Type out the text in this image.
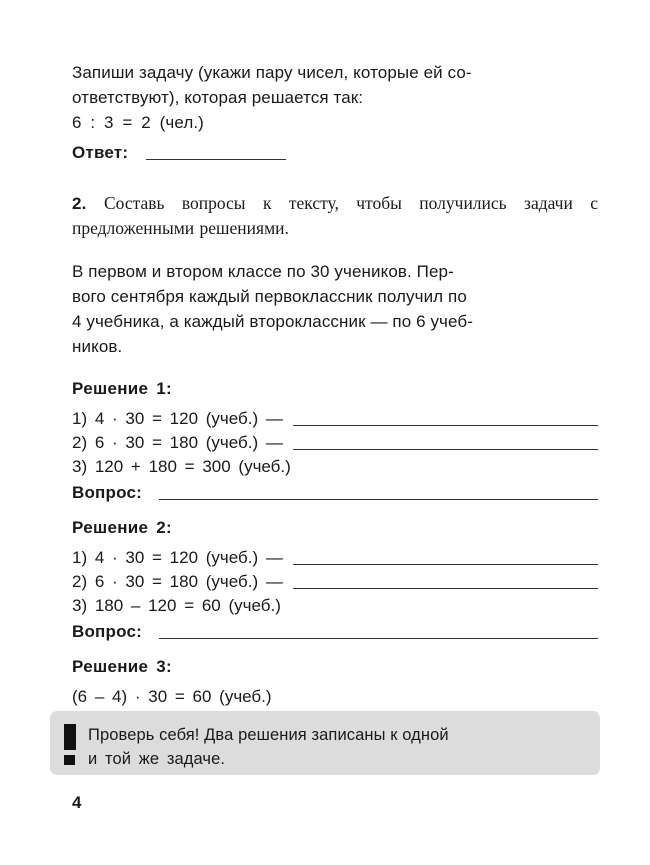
Запиши задачу (укажи пару чисел, которые ей со-

ответствуют), которая решается так:

6 : 3 = 2 (чел.)

Ответ:

2. Составь вопросы к тексту, чтобы получились задачи с предложенными решениями.

В первом и втором классе по 30 учеников. Пер-

вого сентября каждый первоклассник получил по

4 учебника, а каждый второклассник — по 6 учеб-

ников.

Решение 1:

1) 4 · 30 = 120 (учеб.) —
2) 6 · 30 = 180 (учеб.) —
3) 120 + 180 = 300 (учеб.)
Вопрос:

Решение 2:

1) 4 · 30 = 120 (учеб.) —
2) 6 · 30 = 180 (учеб.) —
3) 180 – 120 = 60 (учеб.)
Вопрос:

Решение 3:

(6 – 4) · 30 = 60 (учеб.)
Проверь себя! Два решения записаны к одной
и той же задаче.
4
